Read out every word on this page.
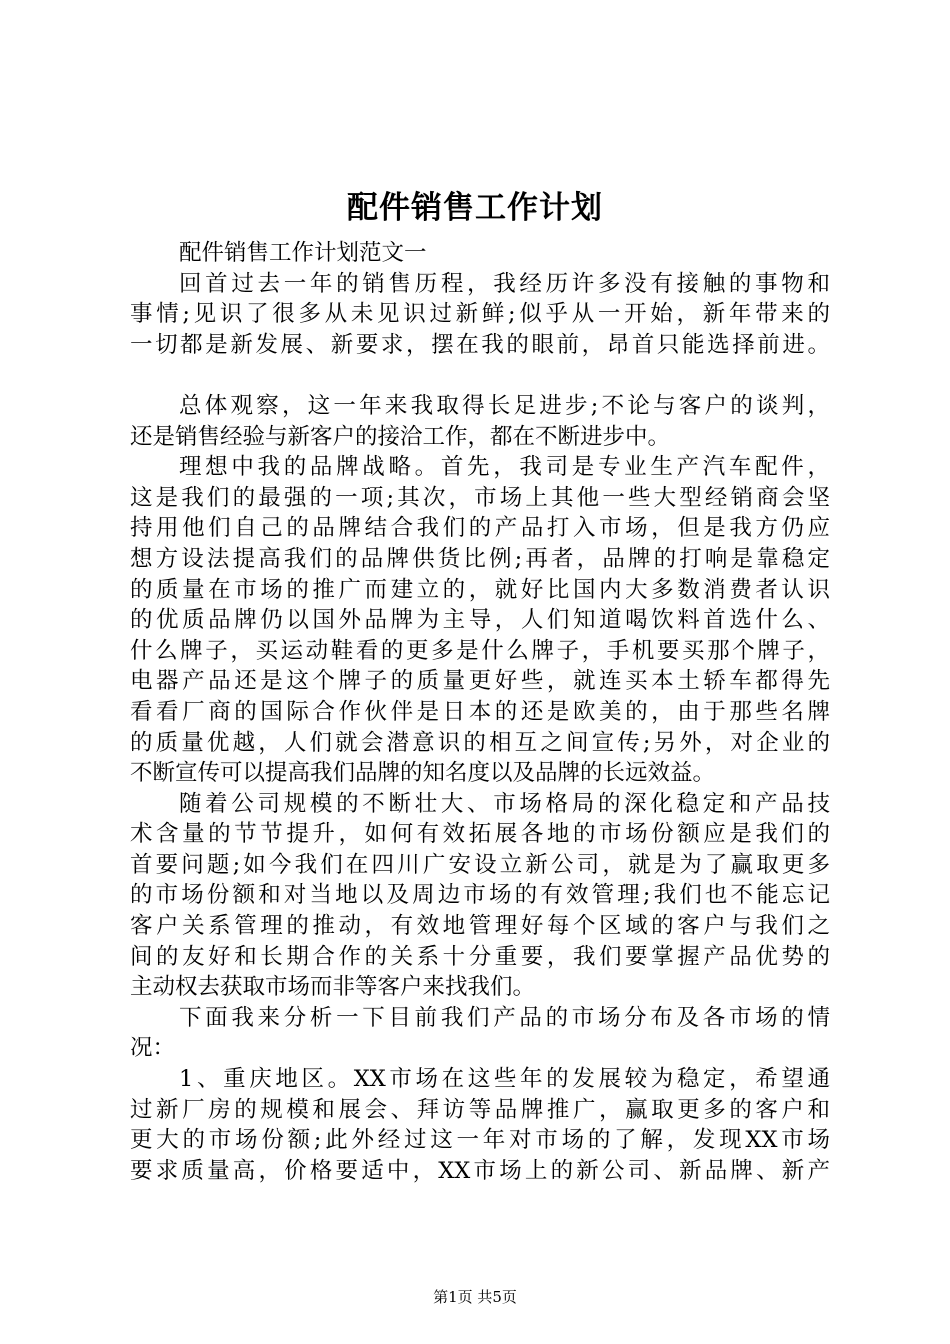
配件销售工作计划
配件销售工作计划范文一
回首过去一年的销售历程，我经历许多没有接触的事物和
事情;见识了很多从未见识过新鲜;似乎从一开始，新年带来的
一切都是新发展、新要求，摆在我的眼前，昂首只能选择前进。
总体观察，这一年来我取得长足进步;不论与客户的谈判，
还是销售经验与新客户的接洽工作，都在不断进步中。
理想中我的品牌战略。首先，我司是专业生产汽车配件，
这是我们的最强的一项;其次，市场上其他一些大型经销商会坚
持用他们自己的品牌结合我们的产品打入市场，但是我方仍应
想方设法提高我们的品牌供货比例;再者，品牌的打响是靠稳定
的质量在市场的推广而建立的，就好比国内大多数消费者认识
的优质品牌仍以国外品牌为主导，人们知道喝饮料首选什么、
什么牌子，买运动鞋看的更多是什么牌子，手机要买那个牌子，
电器产品还是这个牌子的质量更好些，就连买本土轿车都得先
看看厂商的国际合作伙伴是日本的还是欧美的，由于那些名牌
的质量优越，人们就会潜意识的相互之间宣传;另外，对企业的
不断宣传可以提高我们品牌的知名度以及品牌的长远效益。
随着公司规模的不断壮大、市场格局的深化稳定和产品技
术含量的节节提升，如何有效拓展各地的市场份额应是我们的
首要问题;如今我们在四川广安设立新公司，就是为了赢取更多
的市场份额和对当地以及周边市场的有效管理;我们也不能忘记
客户关系管理的推动，有效地管理好每个区域的客户与我们之
间的友好和长期合作的关系十分重要，我们要掌握产品优势的
主动权去获取市场而非等客户来找我们。
下面我来分析一下目前我们产品的市场分布及各市场的情
况：
1、重庆地区。XX市场在这些年的发展较为稳定，希望通
过新厂房的规模和展会、拜访等品牌推广，赢取更多的客户和
更大的市场份额;此外经过这一年对市场的了解，发现XX市场
要求质量高，价格要适中，XX市场上的新公司、新品牌、新产
第1页 共5页
